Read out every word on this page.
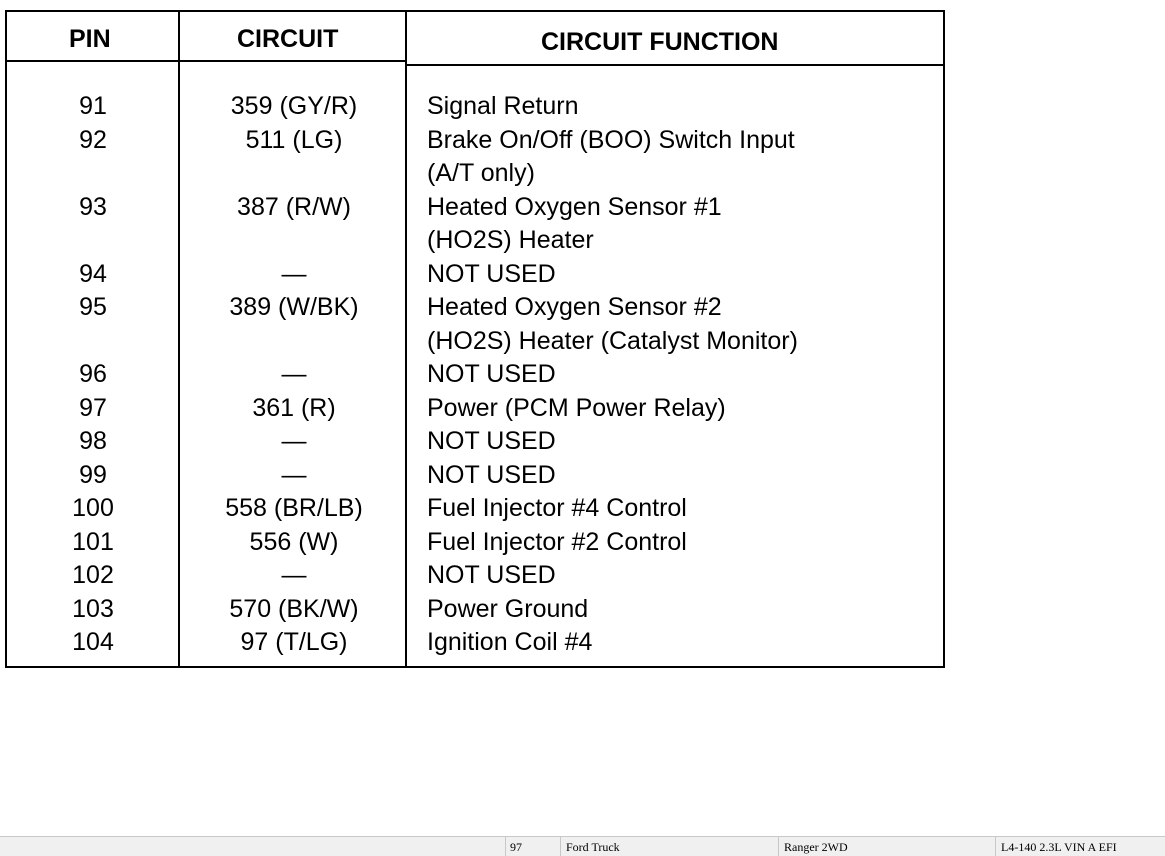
PIN	CIRCUIT	CIRCUIT FUNCTION
91	359 (GY/R)	Signal Return
92	511 (LG)	Brake On/Off (BOO) Switch Input
(A/T only)
93	387 (R/W)	Heated Oxygen Sensor #1
(HO2S) Heater
94	—	NOT USED
95	389 (W/BK)	Heated Oxygen Sensor #2
(HO2S) Heater (Catalyst Monitor)
96	—	NOT USED
97	361 (R)	Power (PCM Power Relay)
98	—	NOT USED
99	—	NOT USED
100	558 (BR/LB)	Fuel Injector #4 Control
101	556 (W)	Fuel Injector #2 Control
102	—	NOT USED
103	570 (BK/W)	Power Ground
104	97 (T/LG)	Ignition Coil #4
97	Ford Truck	Ranger 2WD	L4-140 2.3L VIN A EFI
